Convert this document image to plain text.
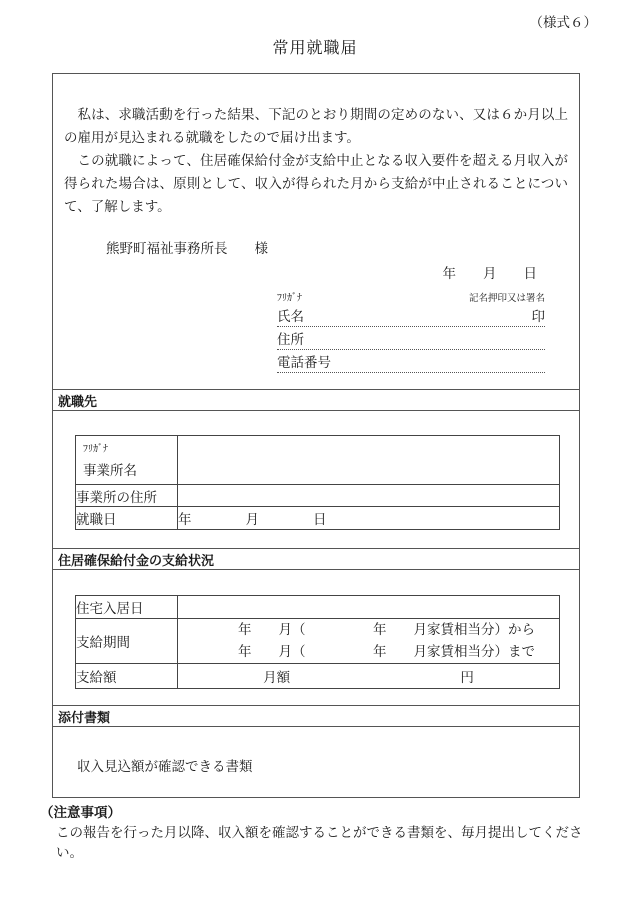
（様式６）
常用就職届

私は、求職活動を行った結果、下記のとおり期間の定めのない、又は６か月以上の雇用が見込まれる就職をしたので届け出ます。

この就職によって、住居確保給付金が支給中止となる収入要件を超える月収入が得られた場合は、原則として、収入が得られた月から支給が中止されることについて、了解します。

熊野町福祉事務所長　　様
年　　月　　日
ﾌﾘｶﾞﾅ	記名押印又は署名
氏名	印
住所
電話番号
就職先
ﾌﾘｶﾞﾅ
事業所名	

事業所の住所	
就職日	年　　　　月　　　　日
住居確保給付金の支給状況
住宅入居日	
支給期間	年　　月（　　　　　年　　月家賃相当分）から
年　　月（　　　　　年　　月家賃相当分）まで

支給額	月額 円
添付書類
収入見込額が確認できる書類
（注意事項）
この報告を行った月以降、収入額を確認することができる書類を、毎月提出してください。
